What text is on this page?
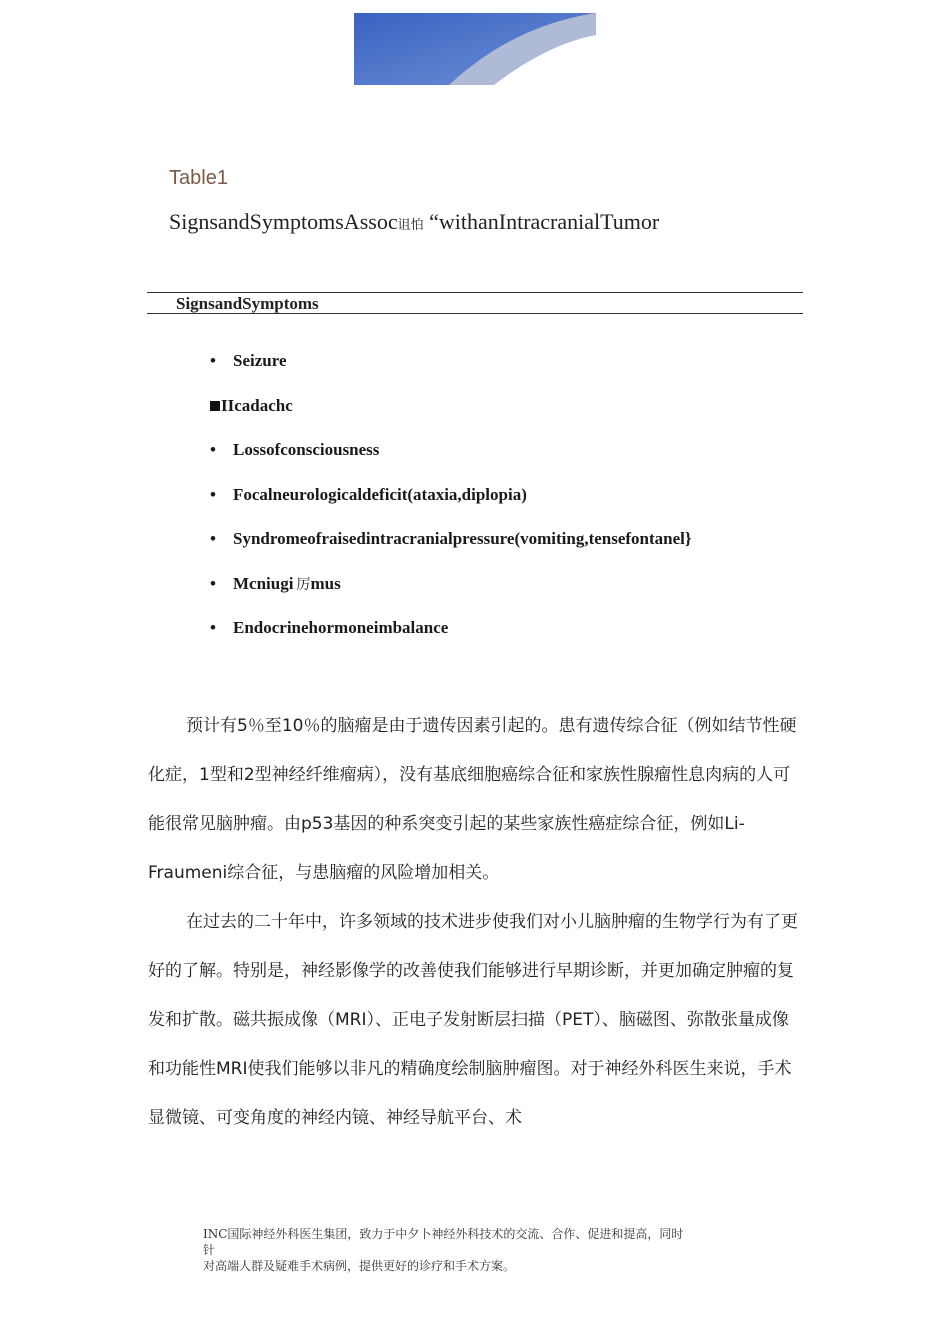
Table1
SignsandSymptomsAssoc诅怕 “withanIntracranialTumor
SignsandSymptoms
•	Seizure
IIcadachc
•	Lossofconsciousness
•	Focalneurologicaldeficit(ataxia,diplopia)
•	Syndromeofraisedintracranialpressure(vomiting,tensefontanel}
•	Mcniugi 厉 mus
•	Endocrinehormoneimbalance

预计有5％至10％的脑瘤是由于遗传因素引起的。患有遗传综合征（例如结节性硬化症，1型和2型神经纤维瘤病），没有基底细胞癌综合征和家族性腺瘤性息肉病的人可能很常见脑肿瘤。由p53基因的种系突变引起的某些家族性癌症综合征，例如Li-Fraumeni综合征，与患脑瘤的风险增加相关。

在过去的二十年中，许多领域的技术进步使我们对小儿脑肿瘤的生物学行为有了更好的了解。特别是，神经影像学的改善使我们能够进行早期诊断，并更加确定肿瘤的复发和扩散。磁共振成像（MRI）、正电子发射断层扫描（PET）、脑磁图、弥散张量成像和功能性MRI使我们能够以非凡的精确度绘制脑肿瘤图。对于神经外科医生来说，手术显微镜、可变角度的神经内镜、神经导航平台、术

INC国际神经外科医生集团，致力于中夕卜神经外科技术的交流、合作、促进和提高，同时
针
对高端人群及疑难手术病例，提供更好的诊疗和手术方案。
